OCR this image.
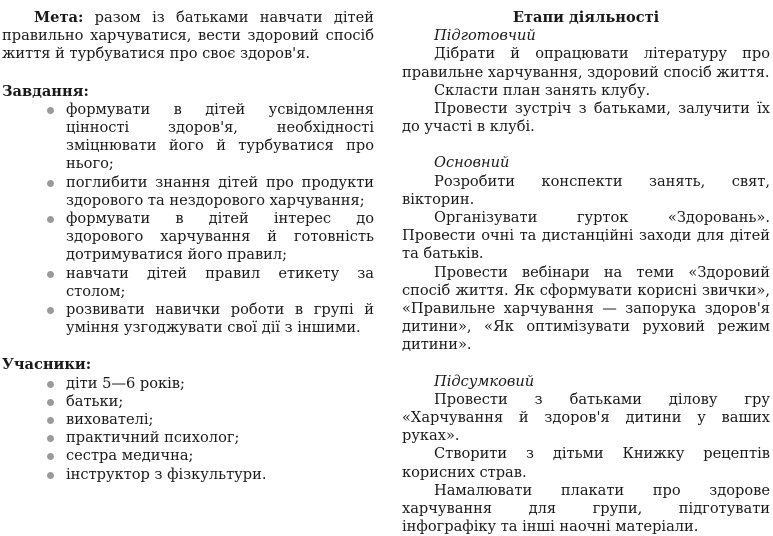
Мета: разом із батьками навчати дітей правильно харчуватися, вести здоровий спосіб життя й турбуватися про своє здоров'я.

Завдання:

формувати в дітей усвідомлення цінності здоров'я, необхідності зміцнювати його й турбуватися про нього;
поглибити знання дітей про продукти здорового та нездорового харчування;
формувати в дітей інтерес до здорового харчування й готовність дотримуватися його правил;
навчати дітей правил етикету за столом;
розвивати навички роботи в групі й уміння узгоджувати свої дії з іншими.

Учасники:

діти 5—6 років;
батьки;
вихователі;
практичний психолог;
сестра медична;
інструктор з фізкультури.

Етапи діяльності

Підготовчий

Дібрати й опрацювати літературу про правильне харчування, здоровий спосіб життя.

Скласти план занять клубу.

Провести зустріч з батьками, залучити їх до участі в клубі.

Основний

Розробити конспекти занять, свят, вікторин.

Організувати гурток «Здоровань». Провести очні та дистанційні заходи для дітей та батьків.

Провести вебінари на теми «Здоровий спосіб життя. Як сформувати корисні звички», «Правильне харчування — запорука здоров'я дитини», «Як оптимізувати руховий режим дитини».

Підсумковий

Провести з батьками ділову гру «Харчування й здоров'я дитини у ваших руках».

Створити з дітьми Книжку рецептів корисних страв.

Намалювати плакати про здорове харчування для групи, підготувати інфографіку та інші наочні матеріали.
